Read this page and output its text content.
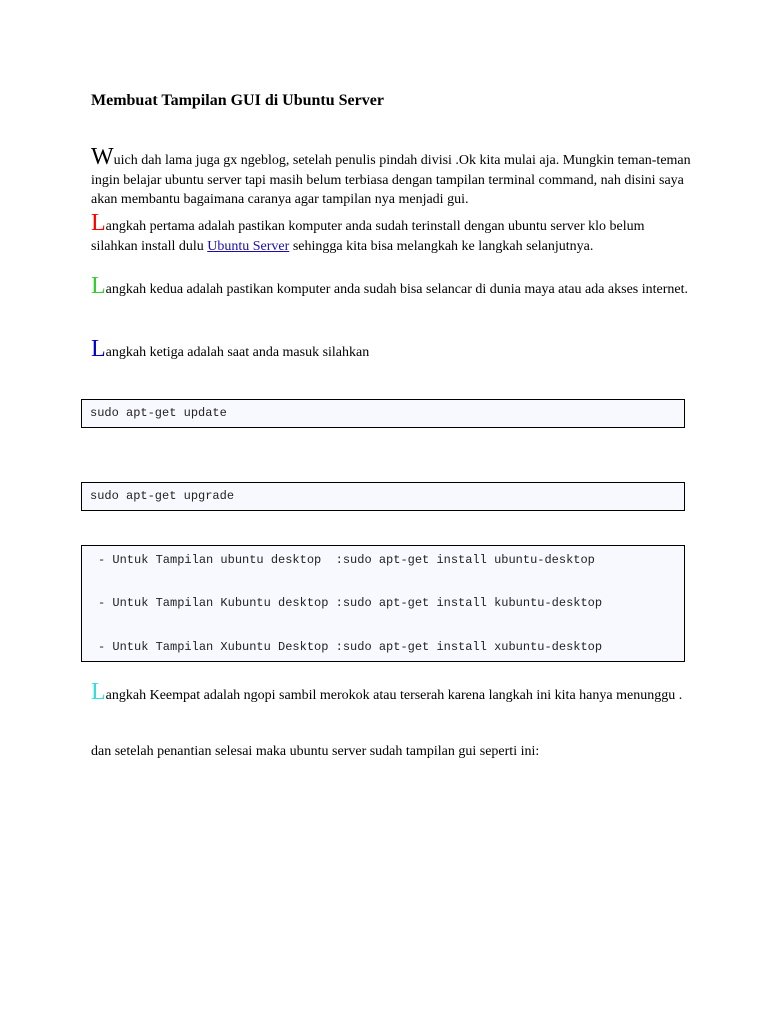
Membuat Tampilan GUI di Ubuntu Server

Wuich dah lama juga gx ngeblog, setelah penulis pindah divisi .Ok kita mulai aja. Mungkin teman-teman ingin belajar ubuntu server tapi masih belum terbiasa dengan tampilan terminal command, nah disini saya akan membantu bagaimana caranya agar tampilan nya menjadi gui.

Langkah pertama adalah pastikan komputer anda sudah terinstall dengan ubuntu server klo belum silahkan install dulu Ubuntu Server sehingga kita bisa melangkah ke langkah selanjutnya.

Langkah kedua adalah pastikan komputer anda sudah bisa selancar di dunia maya atau ada akses internet.

Langkah ketiga adalah saat anda masuk silahkan

sudo apt-get update
sudo apt-get upgrade
- Untuk Tampilan ubuntu desktop  :sudo apt-get install ubuntu-desktop
- Untuk Tampilan Kubuntu desktop :sudo apt-get install kubuntu-desktop
- Untuk Tampilan Xubuntu Desktop :sudo apt-get install xubuntu-desktop

Langkah Keempat adalah ngopi sambil merokok atau terserah karena langkah ini kita hanya menunggu .

dan setelah penantian selesai maka ubuntu server sudah tampilan gui seperti ini:
